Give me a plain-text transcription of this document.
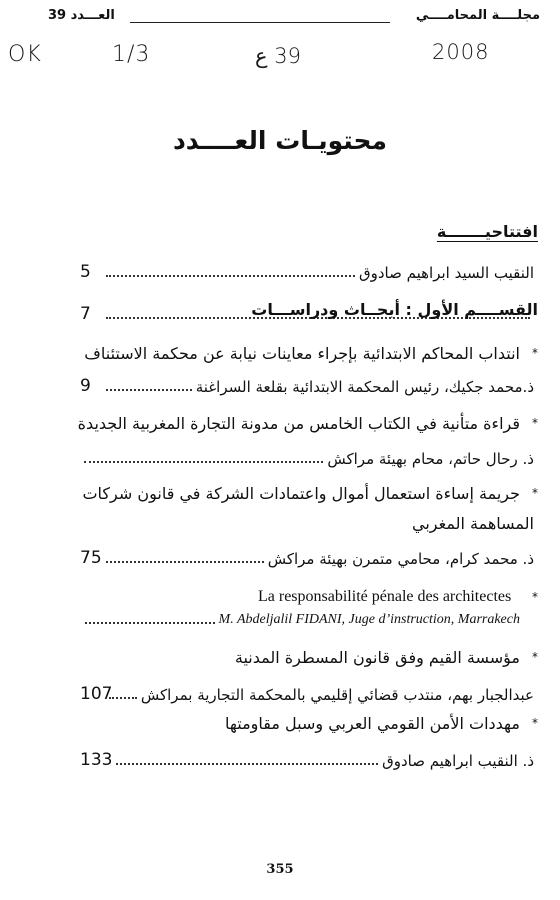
مجلــــة المحامــــي
العـــدد 39
OK	1/3	39 ع	2008
محتويـات العــــدد
افتتاحيـــــــة
5	النقيب السيد ابراهيم صادوق
7	القســــم الأول : أبحــاث ودراســـات
*
انتداب المحاكم الابتدائية بإجراء معاينات نيابة عن محكمة الاستئناف
9	ذ.محمد جكيك، رئيس المحكمة الابتدائية بقلعة السراغنة
*
قراءة متأنية في الكتاب الخامس من مدونة التجارة المغربية الجديدة
ذ. رحال حاتم، محام بهيئة مراكش
*
جريمة إساءة استعمال أموال واعتمادات الشركة في قانون شركات
المساهمة المغربي
75	ذ. محمد كرام، محامي متمرن بهيئة مراكش
*
La responsabilité pénale des architectes
M. Abdeljalil FIDANI, Juge d’instruction, Marrakech
*
مؤسسة القيم وفق قانون المسطرة المدنية
107 عبدالجبار بهم، منتدب قضائي إقليمي بالمحكمة التجارية بمراكش
*
مهددات الأمن القومي العربي وسبل مقاومتها
133	ذ. النقيب ابراهيم صادوق
355
